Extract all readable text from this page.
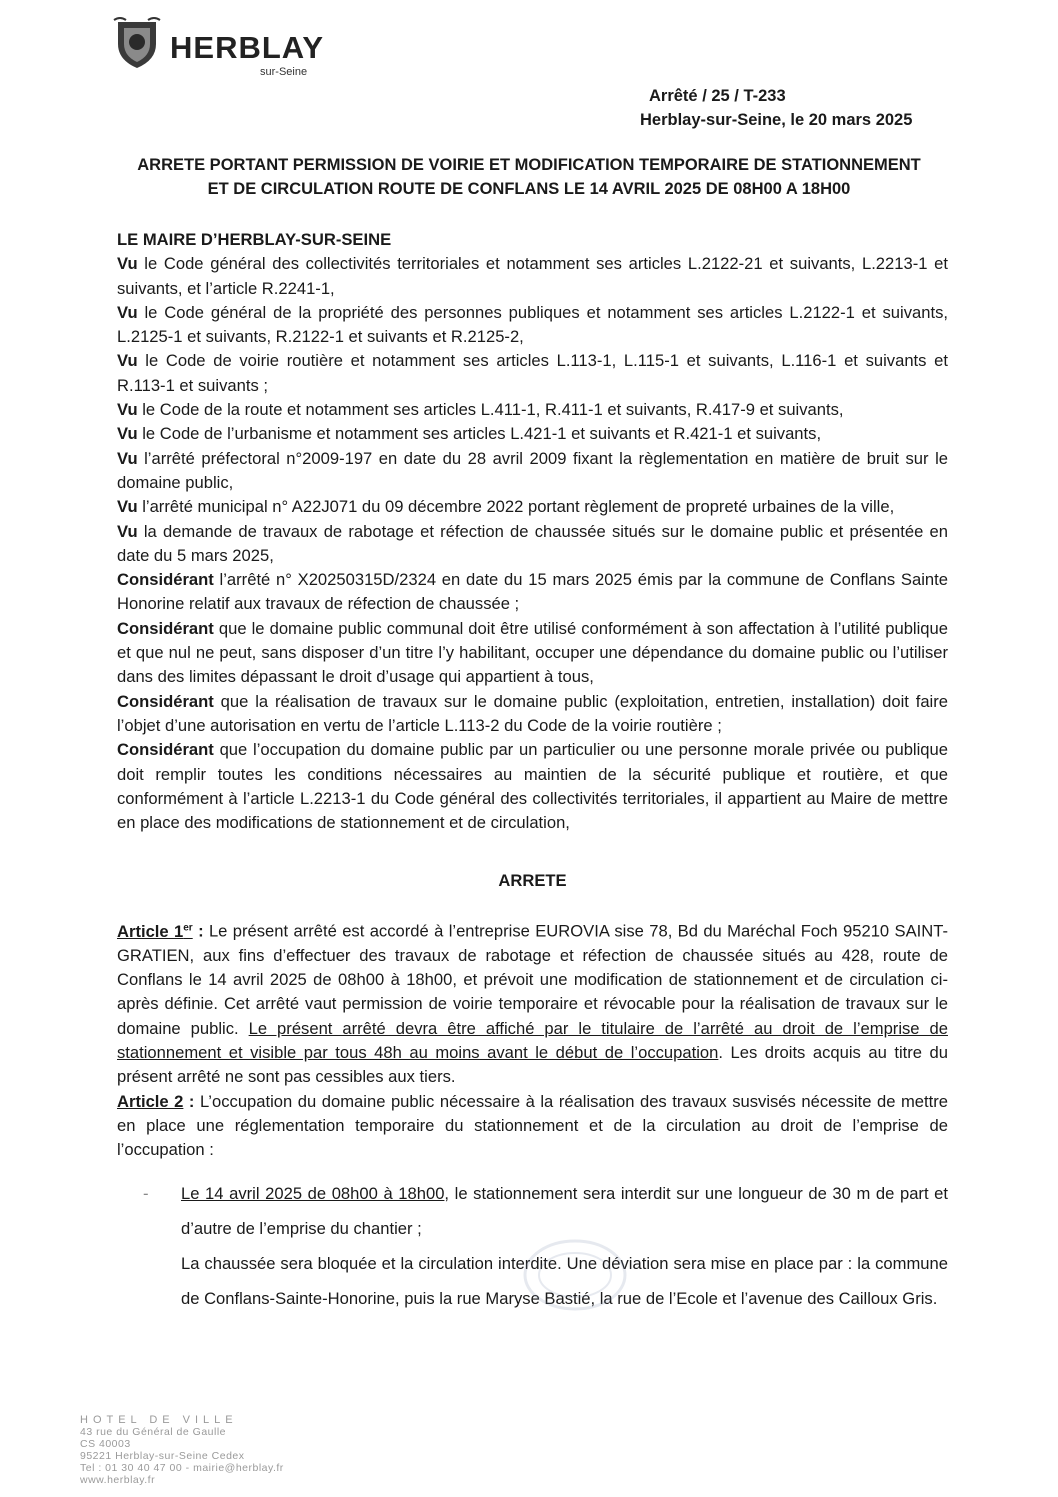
HERBLAY
sur-Seine
Arrêté / 25 / T-233
Herblay-sur-Seine, le 20 mars 2025
ARRETE PORTANT PERMISSION DE VOIRIE ET MODIFICATION TEMPORAIRE DE STATIONNEMENT
ET DE CIRCULATION ROUTE DE CONFLANS LE 14 AVRIL 2025 DE 08H00 A 18H00

LE MAIRE D’HERBLAY-SUR-SEINE

Vu le Code général des collectivités territoriales et notamment ses articles L.2122-21 et suivants, L.2213-1 et suivants, et l’article R.2241-1,

Vu le Code général de la propriété des personnes publiques et notamment ses articles L.2122-1 et suivants, L.2125-1 et suivants, R.2122-1 et suivants et R.2125-2,

Vu le Code de voirie routière et notamment ses articles L.113-1, L.115-1 et suivants, L.116-1 et suivants et R.113-1 et suivants ;

Vu le Code de la route et notamment ses articles L.411-1, R.411-1 et suivants, R.417-9 et suivants,

Vu le Code de l’urbanisme et notamment ses articles L.421-1 et suivants et R.421-1 et suivants,

Vu l’arrêté préfectoral n°2009-197 en date du 28 avril 2009 fixant la règlementation en matière de bruit sur le domaine public,

Vu l’arrêté municipal n° A22J071 du 09 décembre 2022 portant règlement de propreté urbaines de la ville,

Vu la demande de travaux de rabotage et réfection de chaussée situés sur le domaine public et présentée en date du 5 mars 2025,

Considérant l’arrêté n° X20250315D/2324 en date du 15 mars 2025 émis par la commune de Conflans Sainte Honorine relatif aux travaux de réfection de chaussée ;

Considérant que le domaine public communal doit être utilisé conformément à son affectation à l’utilité publique et que nul ne peut, sans disposer d’un titre l’y habilitant, occuper une dépendance du domaine public ou l’utiliser dans des limites dépassant le droit d’usage qui appartient à tous,

Considérant que la réalisation de travaux sur le domaine public (exploitation, entretien, installation) doit faire l’objet d’une autorisation en vertu de l’article L.113-2 du Code de la voirie routière ;

Considérant que l’occupation du domaine public par un particulier ou une personne morale privée ou publique doit remplir toutes les conditions nécessaires au maintien de la sécurité publique et routière, et que conformément à l’article L.2213-1 du Code général des collectivités territoriales, il appartient au Maire de mettre en place des modifications de stationnement et de circulation,

ARRETE

Article 1er : Le présent arrêté est accordé à l’entreprise EUROVIA sise 78, Bd du Maréchal Foch 95210 SAINT-GRATIEN, aux fins d’effectuer des travaux de rabotage et réfection de chaussée situés au 428, route de Conflans le 14 avril 2025 de 08h00 à 18h00, et prévoit une modification de stationnement et de circulation ci-après définie. Cet arrêté vaut permission de voirie temporaire et révocable pour la réalisation de travaux sur le domaine public. Le présent arrêté devra être affiché par le titulaire de l’arrêté au droit de l’emprise de stationnement et visible par tous 48h au moins avant le début de l’occupation. Les droits acquis au titre du présent arrêté ne sont pas cessibles aux tiers.

Article 2 : L’occupation du domaine public nécessaire à la réalisation des travaux susvisés nécessite de mettre en place une réglementation temporaire du stationnement et de la circulation au droit de l’emprise de l’occupation :

-	Le 14 avril 2025 de 08h00 à 18h00, le stationnement sera interdit sur une longueur de 30 m de part et d’autre de l’emprise du chantier ;

La chaussée sera bloquée et la circulation interdite. Une déviation sera mise en place par : la commune de Conflans-Sainte-Honorine, puis la rue Maryse Bastié, la rue de l’Ecole et l’avenue des Cailloux Gris.

HOTEL DE VILLE
43 rue du Général de Gaulle
CS 40003
95221 Herblay-sur-Seine Cedex
Tel : 01 30 40 47 00 - mairie@herblay.fr
www.herblay.fr
